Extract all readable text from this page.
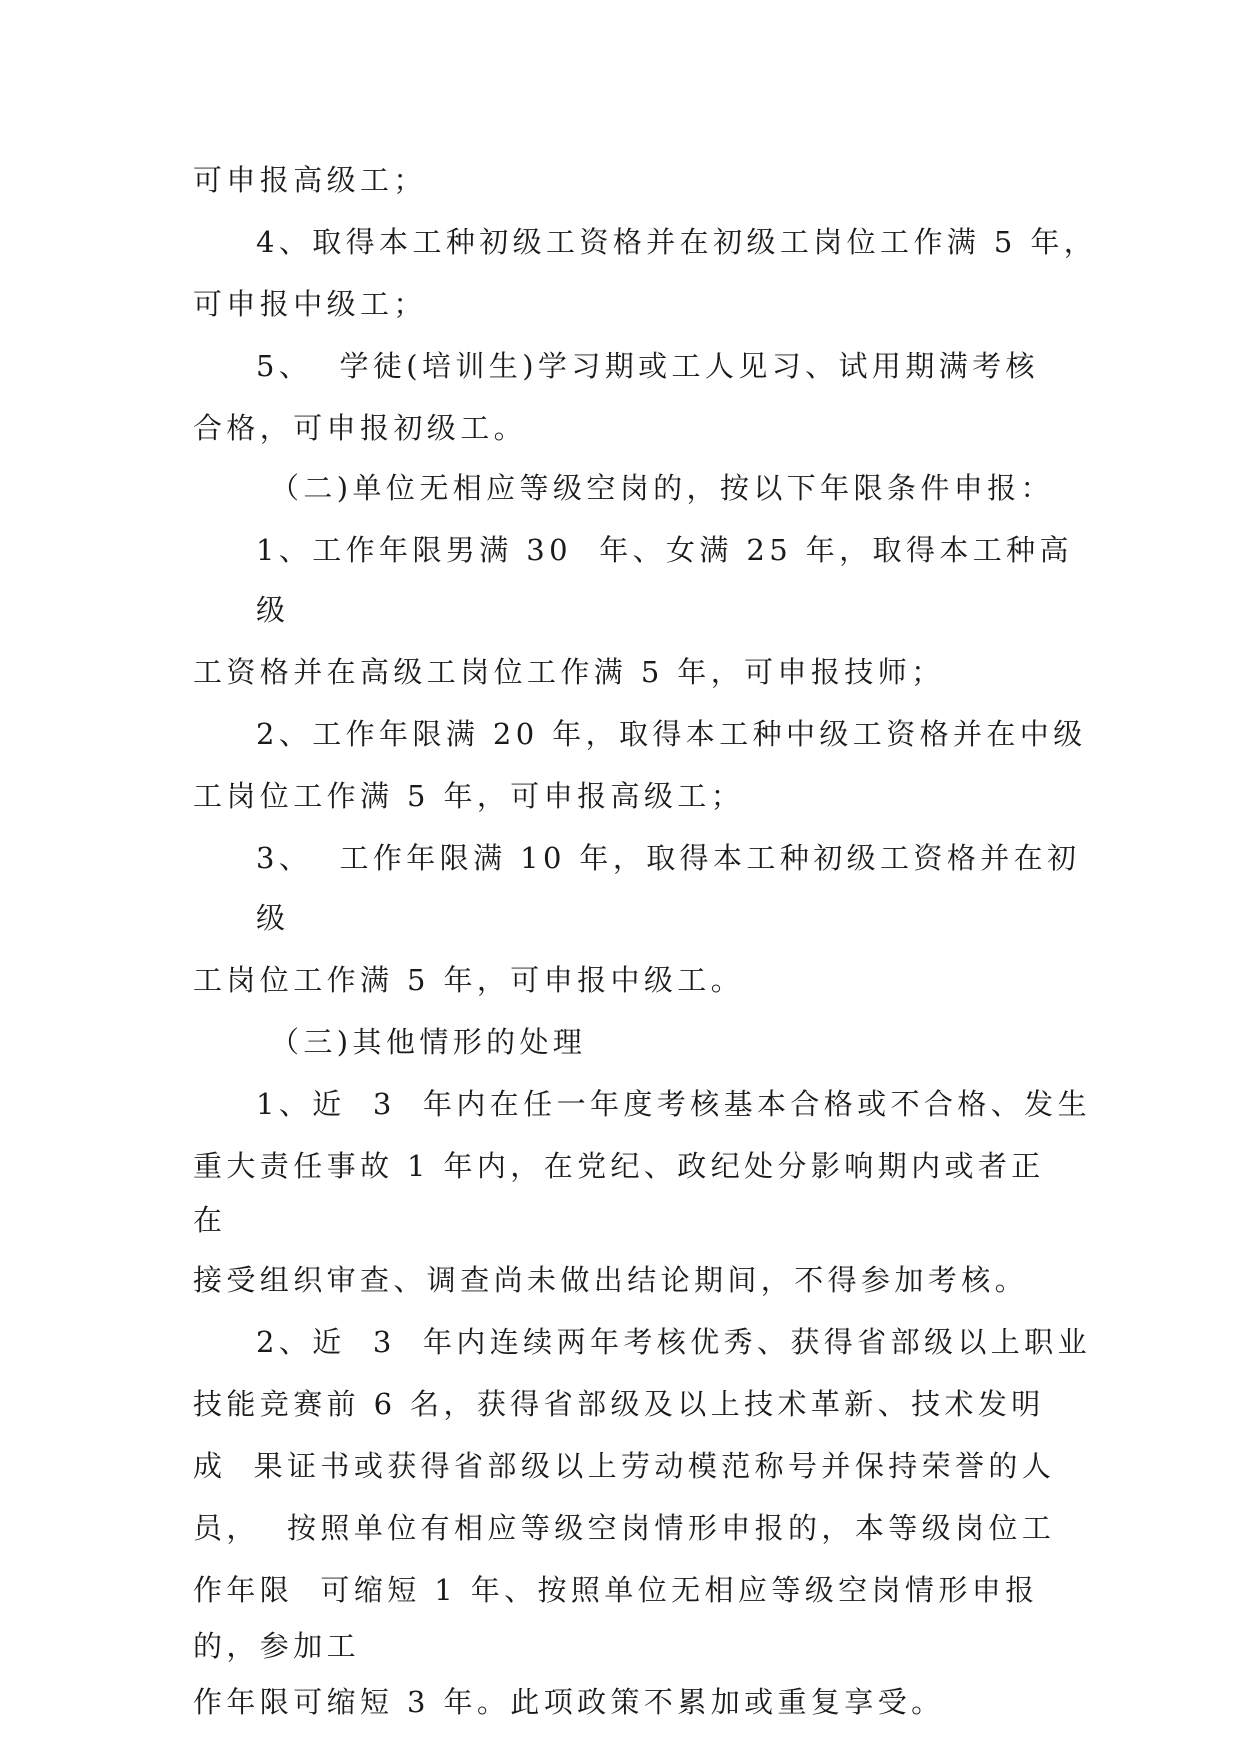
可申报高级工；
4、取得本工种初级工资格并在初级工岗位工作满 5 年，
可申报中级工；
5、  学徒(培训生)学习期或工人见习、试用期满考核
合格，可申报初级工。
（二)单位无相应等级空岗的，按以下年限条件申报：
1、工作年限男满 30  年、女满 25 年，取得本工种高
级
工资格并在高级工岗位工作满 5 年，可申报技师；
2、工作年限满 20 年，取得本工种中级工资格并在中级
工岗位工作满 5 年，可申报高级工；
3、  工作年限满 10 年，取得本工种初级工资格并在初
级
工岗位工作满 5 年，可申报中级工。
（三)其他情形的处理
1、近  3  年内在任一年度考核基本合格或不合格、发生
重大责任事故 1 年内，在党纪、政纪处分影响期内或者正
在
接受组织审查、调查尚未做出结论期间，不得参加考核。
2、近  3  年内连续两年考核优秀、获得省部级以上职业
技能竞赛前 6 名，获得省部级及以上技术革新、技术发明
成  果证书或获得省部级以上劳动模范称号并保持荣誉的人
员，  按照单位有相应等级空岗情形申报的，本等级岗位工
作年限  可缩短 1 年、按照单位无相应等级空岗情形申报
的，参加工
作年限可缩短 3 年。此项政策不累加或重复享受。
